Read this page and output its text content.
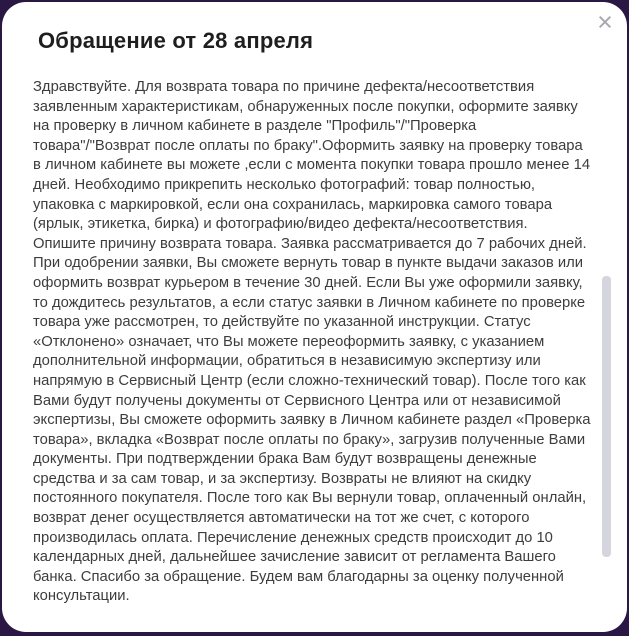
×
Обращение от 28 апреля
Здравствуйте. Для возврата товара по причине дефекта/несоответствия заявленным характеристикам, обнаруженных после покупки, оформите заявку на проверку в личном кабинете в разделе "Профиль"/"Проверка товара"/"Возврат после оплаты по браку".Оформить заявку на проверку товара в личном кабинете вы можете ,если с момента покупки товара прошло менее 14 дней. Необходимо прикрепить несколько фотографий: товар полностью, упаковка с маркировкой, если она сохранилась, маркировка самого товара (ярлык, этикетка, бирка) и фотографию/видео дефекта/несоответствия. Опишите причину возврата товара. Заявка рассматривается до 7 рабочих дней. При одобрении заявки, Вы сможете вернуть товар в пункте выдачи заказов или оформить возврат курьером в течение 30 дней. Если Вы уже оформили заявку, то дождитесь результатов, а если статус заявки в Личном кабинете по проверке товара уже рассмотрен, то действуйте по указанной инструкции. Статус «Отклонено» означает, что Вы можете переоформить заявку, с указанием дополнительной информации, обратиться в независимую экспертизу или напрямую в Сервисный Центр (если сложно-технический товар). После того как Вами будут получены документы от Сервисного Центра или от независимой экспертизы, Вы сможете оформить заявку в Личном кабинете раздел «Проверка товара», вкладка «Возврат после оплаты по браку», загрузив полученные Вами документы. При подтверждении брака Вам будут возвращены денежные средства и за сам товар, и за экспертизу. Возвраты не влияют на скидку постоянного покупателя. После того как Вы вернули товар, оплаченный онлайн, возврат денег осуществляется автоматически на тот же счет, с которого производилась оплата. Перечисление денежных средств происходит до 10 календарных дней, дальнейшее зачисление зависит от регламента Вашего банка. Спасибо за обращение. Будем вам благодарны за оценку полученной консультации.
